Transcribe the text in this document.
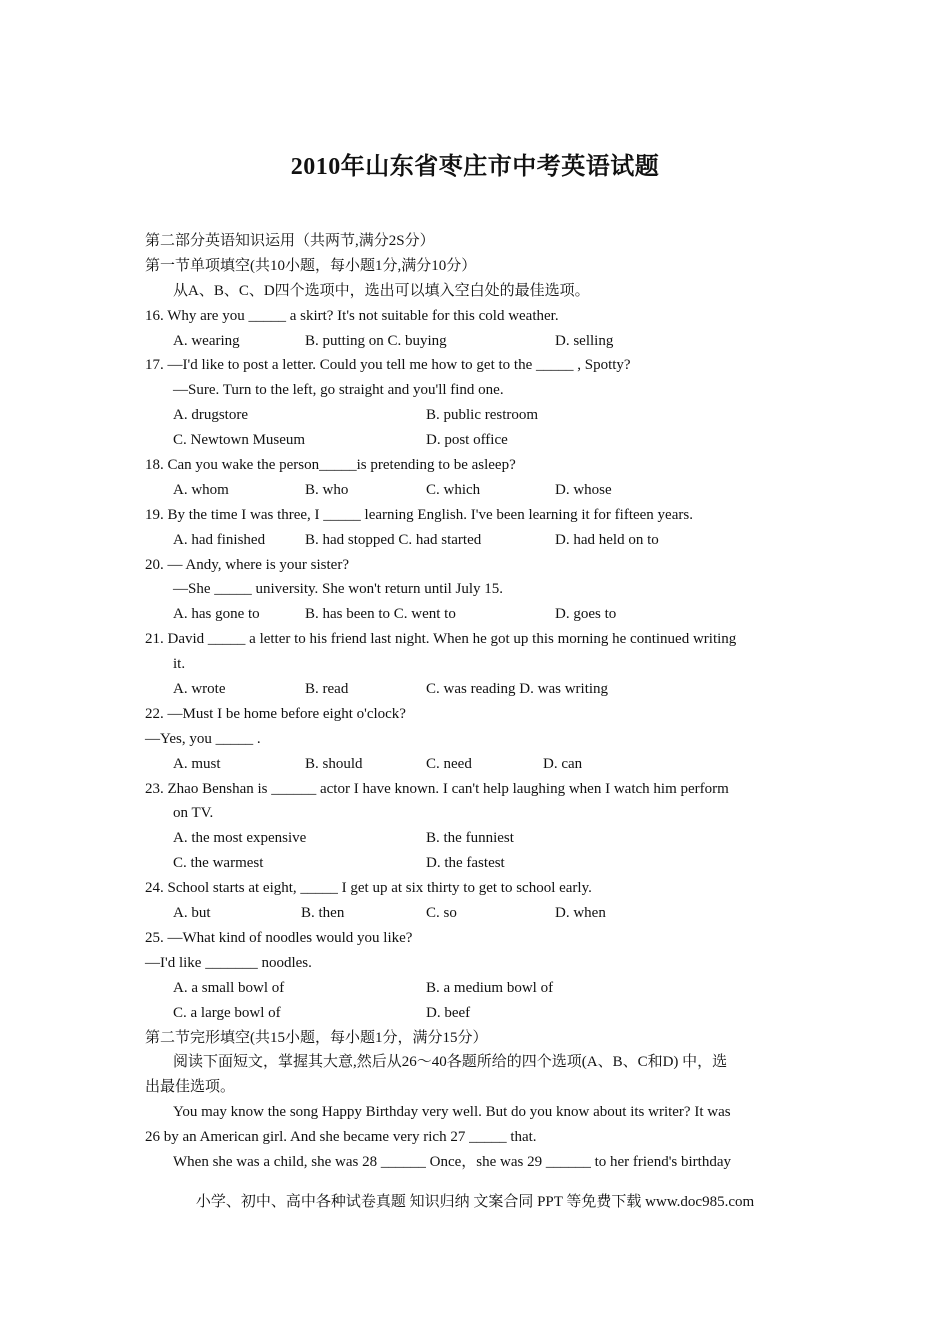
2010年山东省枣庄市中考英语试题
第二部分英语知识运用（共两节,满分2S分）
第一节单项填空(共10小题，每小题1分,满分10分）
从A、B、C、D四个选项中，选出可以填入空白处的最佳选项。
16. Why are you _____ a skirt? It's not suitable for this cold weather.
A. wearing	B. putting on C. buying	D. selling
17. —I'd like to post a letter. Could you tell me how to get to the _____ , Spotty?
—Sure. Turn to the left, go straight and you'll find one.
A. drugstore	B. public restroom
C. Newtown Museum	D. post office
18. Can you wake the person_____is pretending to be asleep?
A. whom	B. who	C. which	D. whose
19. By the time I was three, I _____ learning English. I've been learning it for fifteen years.
A. had finished	B. had stopped C. had started	D. had held on to
20. — Andy, where is your sister?
—She _____ university. She won't return until July 15.
A. has gone to	B. has been to C. went to	D. goes to
21. David _____ a letter to his friend last night. When he got up this morning he continued writing
it.
A. wrote	B. read	C. was reading D. was writing
22. —Must I be home before eight o'clock?
—Yes, you _____ .
A. must	B. should	C. need	D. can
23. Zhao Benshan is ______ actor I have known. I can't help laughing when I watch him perform
on TV.
A. the most expensive	B. the funniest
C. the warmest	D. the fastest
24. School starts at eight, _____ I get up at six thirty to get to school early.
A. but	B. then	C. so	D. when
25. —What kind of noodles would you like?
—I'd like _______ noodles.
A. a small bowl of	B. a medium bowl of
C. a large bowl of	D. beef
第二节完形填空(共15小题，每小题1分，满分15分）
阅读下面短文，掌握其大意,然后从26～40各题所给的四个选项(A、B、C和D) 中，选
出最佳选项。
You may know the song Happy Birthday very well. But do you know about its writer? It was
26 by an American girl. And she became very rich 27 _____ that.
When she was a child, she was 28 ______ Once，she was 29 ______ to her friend's birthday
小学、初中、高中各种试卷真题 知识归纳 文案合同 PPT 等免费下载 www.doc985.com
